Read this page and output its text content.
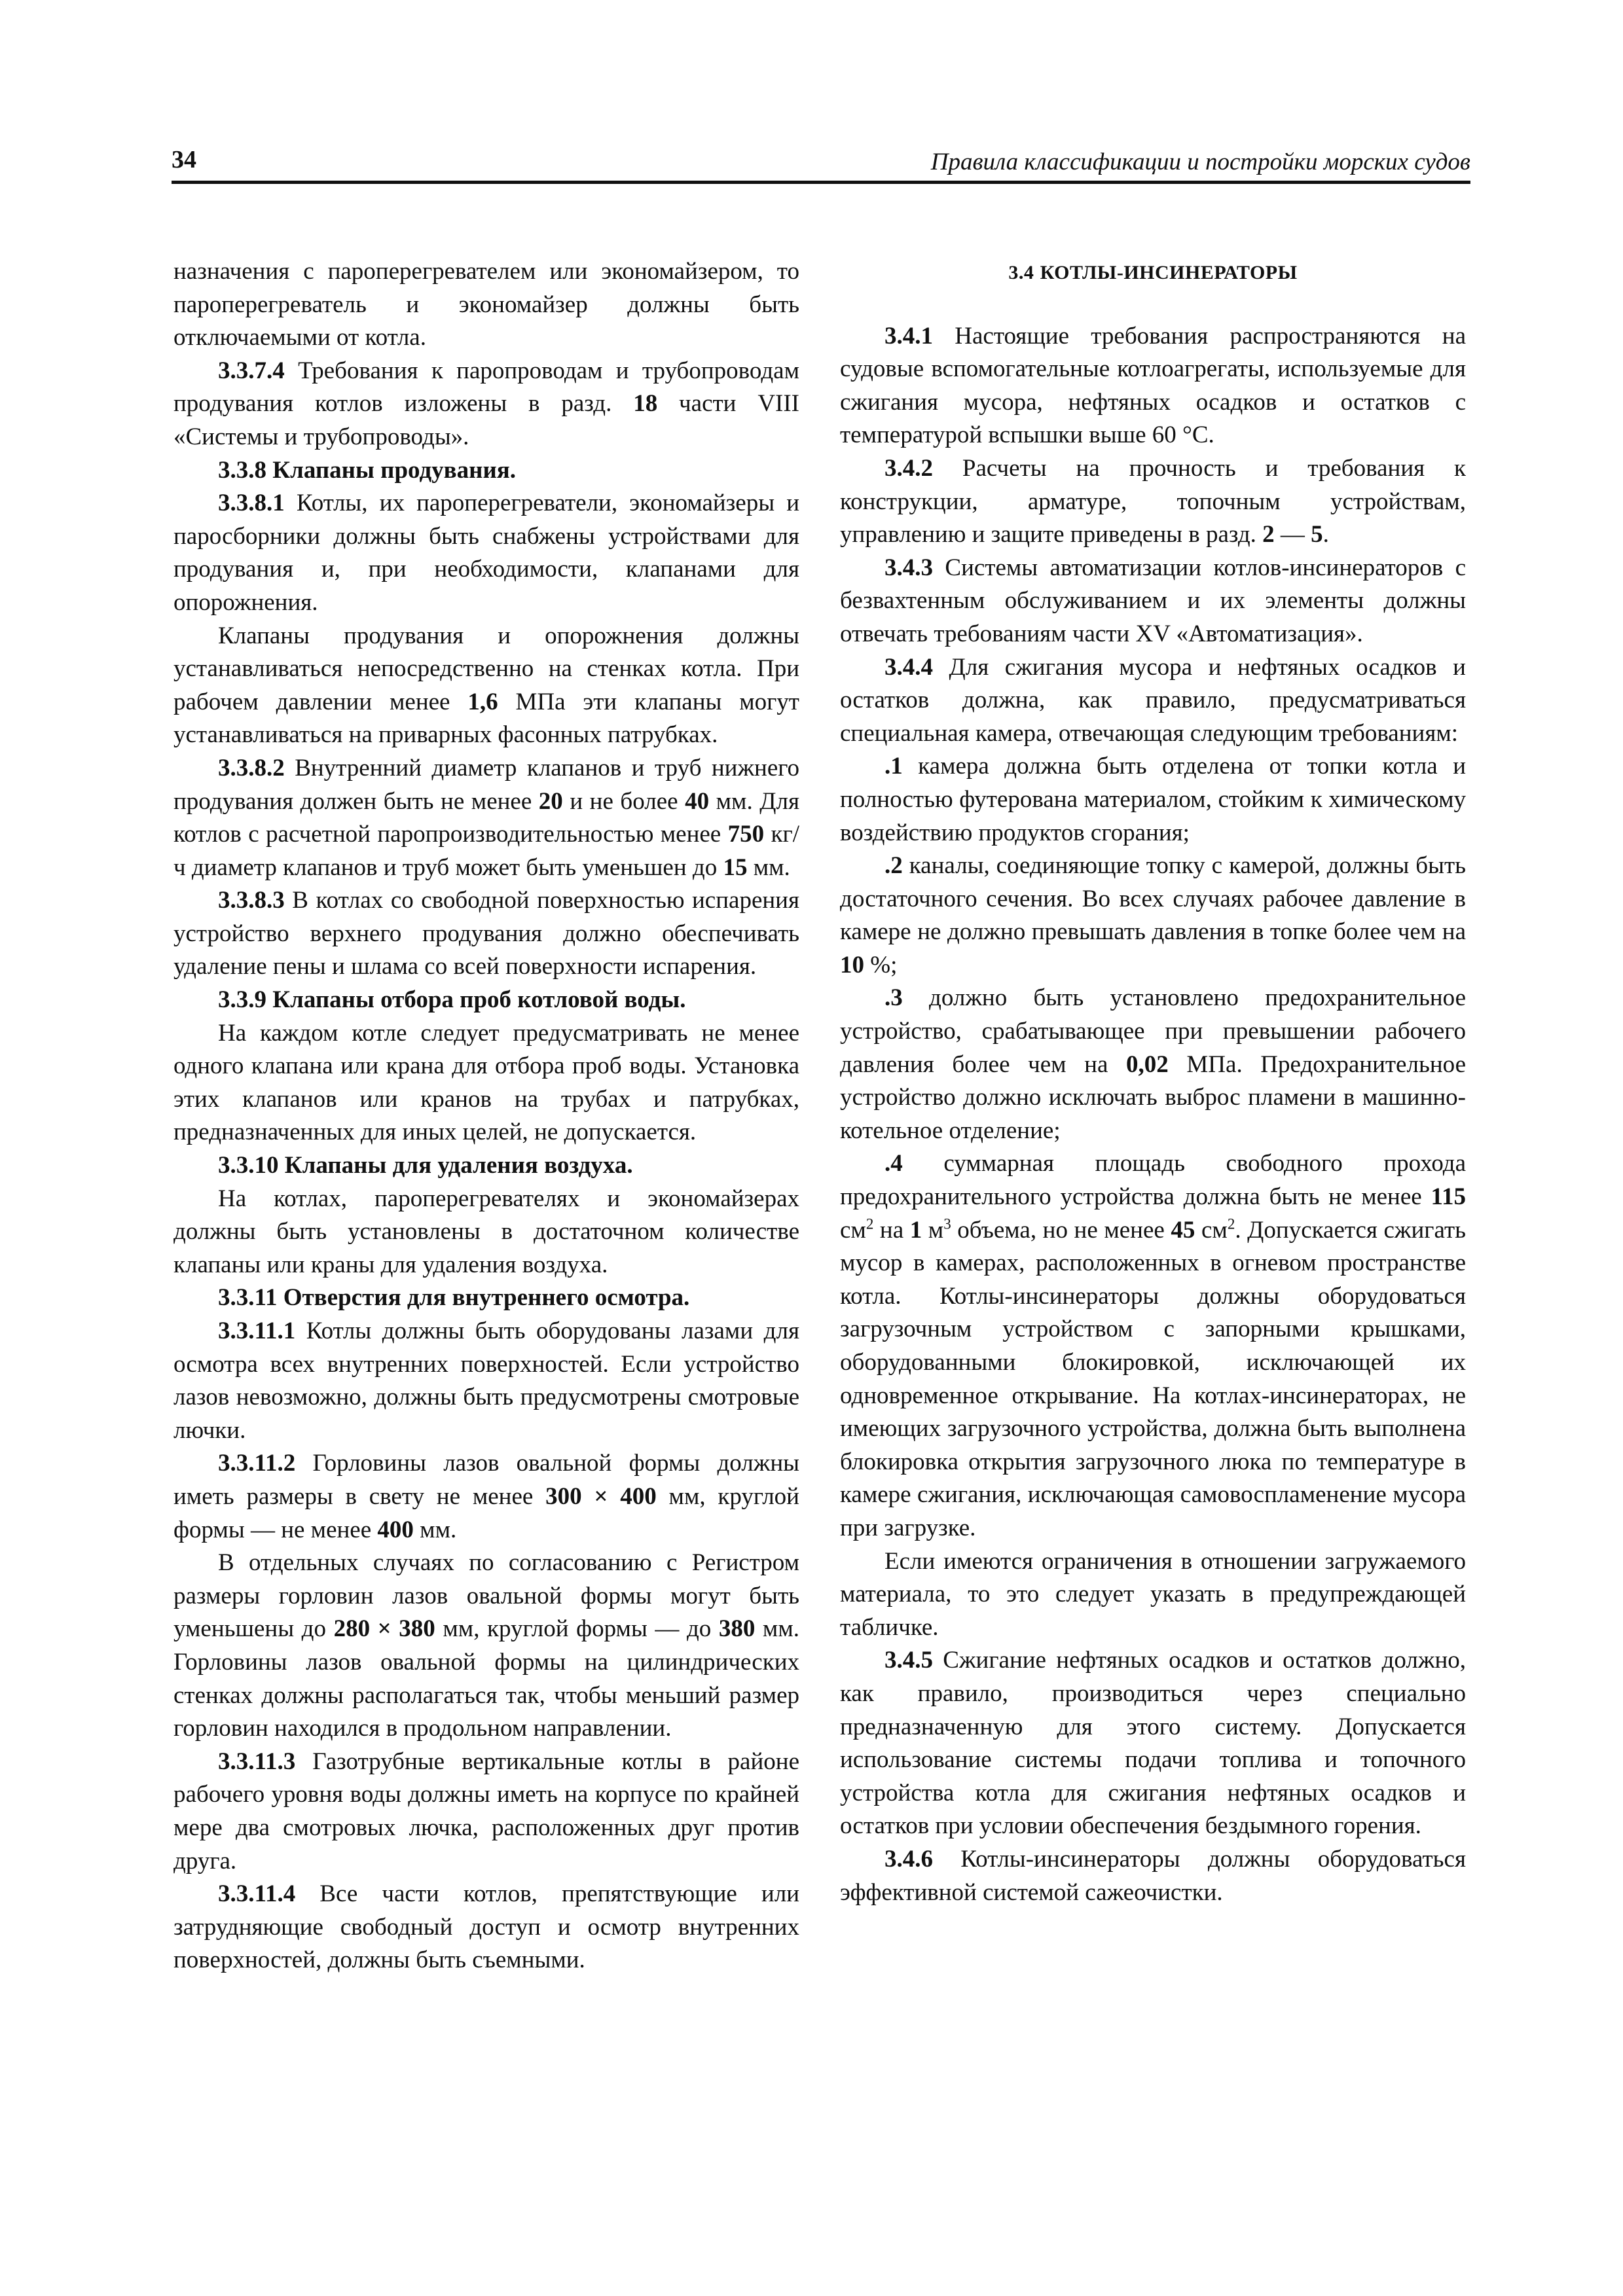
34	Правила классификации и постройки морских судов

назначения с пароперегревателем или экономайзером, то пароперегреватель и экономайзер должны быть отключаемыми от котла.

3.3.7.4 Требования к паропроводам и трубопроводам продувания котлов изложены в разд. 18 части VIII «Системы и трубопроводы».

3.3.8 Клапаны продувания.

3.3.8.1 Котлы, их пароперегреватели, экономайзеры и паросборники должны быть снабжены устройствами для продувания и, при необходимости, клапанами для опорожнения.

Клапаны продувания и опорожнения должны устанавливаться непосредственно на стенках котла. При рабочем давлении менее 1,6 МПа эти клапаны могут устанавливаться на приварных фасонных патрубках.

3.3.8.2 Внутренний диаметр клапанов и труб нижнего продувания должен быть не менее 20 и не более 40 мм. Для котлов с расчетной паропроизводительностью менее 750 кг/ч диаметр клапанов и труб может быть уменьшен до 15 мм.

3.3.8.3 В котлах со свободной поверхностью испарения устройство верхнего продувания должно обеспечивать удаление пены и шлама со всей поверхности испарения.

3.3.9 Клапаны отбора проб котловой воды.

На каждом котле следует предусматривать не менее одного клапана или крана для отбора проб воды. Установка этих клапанов или кранов на трубах и патрубках, предназначенных для иных целей, не допускается.

3.3.10 Клапаны для удаления воздуха.

На котлах, пароперегревателях и экономайзерах должны быть установлены в достаточном количестве клапаны или краны для удаления воздуха.

3.3.11 Отверстия для внутреннего осмотра.

3.3.11.1 Котлы должны быть оборудованы лазами для осмотра всех внутренних поверхностей. Если устройство лазов невозможно, должны быть предусмотрены смотровые лючки.

3.3.11.2 Горловины лазов овальной формы должны иметь размеры в свету не менее 300 × 400 мм, круглой формы — не менее 400 мм.

В отдельных случаях по согласованию с Регистром размеры горловин лазов овальной формы могут быть уменьшены до 280 × 380 мм, круглой формы — до 380 мм. Горловины лазов овальной формы на цилиндрических стенках должны располагаться так, чтобы меньший размер горловин находился в продольном направлении.

3.3.11.3 Газотрубные вертикальные котлы в районе рабочего уровня воды должны иметь на корпусе по крайней мере два смотровых лючка, расположенных друг против друга.

3.3.11.4 Все части котлов, препятствующие или затрудняющие свободный доступ и осмотр внутренних поверхностей, должны быть съемными.

3.4 КОТЛЫ-ИНСИНЕРАТОРЫ

3.4.1 Настоящие требования распространяются на судовые вспомогательные котлоагрегаты, используемые для сжигания мусора, нефтяных осадков и остатков с температурой вспышки выше 60 °С.

3.4.2 Расчеты на прочность и требования к конструкции, арматуре, топочным устройствам, управлению и защите приведены в разд. 2 — 5.

3.4.3 Системы автоматизации котлов-инсинераторов с безвахтенным обслуживанием и их элементы должны отвечать требованиям части XV «Автоматизация».

3.4.4 Для сжигания мусора и нефтяных осадков и остатков должна, как правило, предусматриваться специальная камера, отвечающая следующим требованиям:

.1 камера должна быть отделена от топки котла и полностью футерована материалом, стойким к химическому воздействию продуктов сгорания;

.2 каналы, соединяющие топку с камерой, должны быть достаточного сечения. Во всех случаях рабочее давление в камере не должно превышать давления в топке более чем на 10 %;

.3 должно быть установлено предохранительное устройство, срабатывающее при превышении рабочего давления более чем на 0,02 МПа. Предохранительное устройство должно исключать выброс пламени в машинно-котельное отделение;

.4 суммарная площадь свободного прохода предохранительного устройства должна быть не менее 115 $см^2$ на 1 $м^3$ объема, но не менее 45 $см^2$. Допускается сжигать мусор в камерах, расположенных в огневом пространстве котла. Котлы-инсинераторы должны оборудоваться загрузочным устройством с запорными крышками, оборудованными блокировкой, исключающей их одновременное открывание. На котлах-инсинераторах, не имеющих загрузочного устройства, должна быть выполнена блокировка открытия загрузочного люка по температуре в камере сжигания, исключающая самовоспламенение мусора при загрузке.

Если имеются ограничения в отношении загружаемого материала, то это следует указать в предупреждающей табличке.

3.4.5 Сжигание нефтяных осадков и остатков должно, как правило, производиться через специально предназначенную для этого систему. Допускается использование системы подачи топлива и топочного устройства котла для сжигания нефтяных осадков и остатков при условии обеспечения бездымного горения.

3.4.6 Котлы-инсинераторы должны оборудоваться эффективной системой сажеочистки.
